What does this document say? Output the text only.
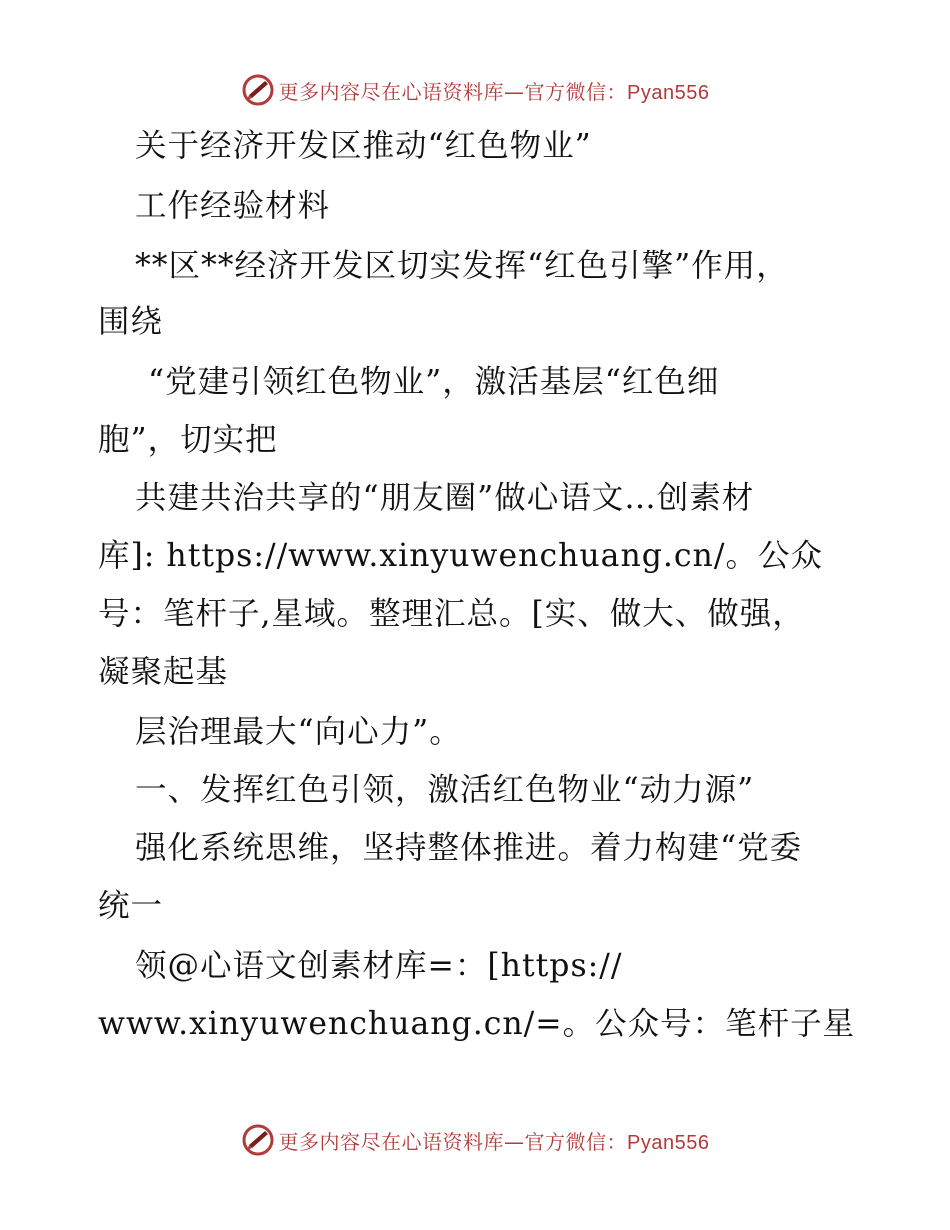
更多内容尽在心语资料库—官方微信：Pyan556
关于经济开发区推动“红色物业”
工作经验材料
**区**经济开发区切实发挥“红色引擎”作用，
围绕
“党建引领红色物业”，激活基层“红色细
胞”，切实把
共建共治共享的“朋友圈”做心语文…创素材
库]: https://www.xinyuwenchuang.cn/。公众
号：笔杆子,星域。整理汇总。[实、做大、做强，
凝聚起基
层治理最大“向心力”。
一、发挥红色引领，激活红色物业“动力源”
强化系统思维，坚持整体推进。着力构建“党委
统一
领@心语文创素材库=：[https://
www.xinyuwenchuang.cn/=。公众号：笔杆子星
更多内容尽在心语资料库—官方微信：Pyan556
